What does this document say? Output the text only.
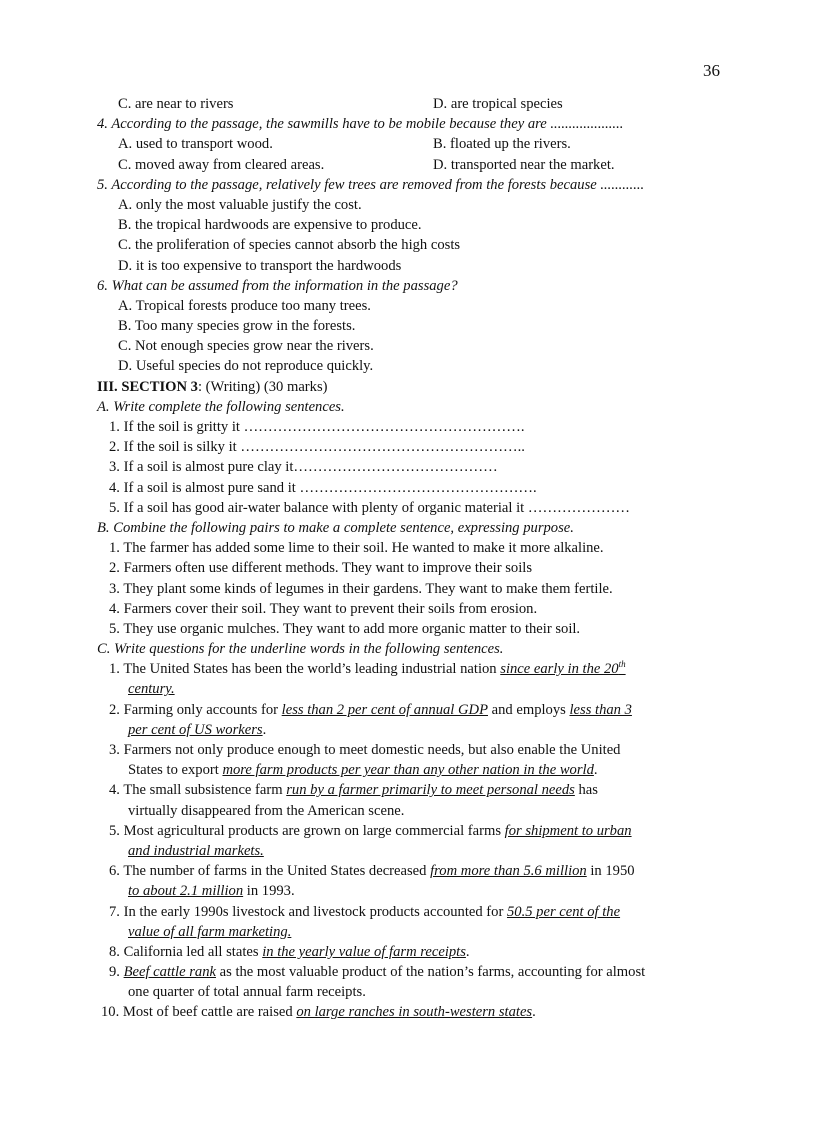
36
C. are near to rivers	D. are tropical species
4. According to the passage, the sawmills have to be mobile because they are ....................
A. used to transport wood.	B. floated up the rivers.
C. moved away from cleared areas.	D. transported near the market.
5. According to the passage, relatively few trees are removed from the forests because ............
A. only the most valuable justify the cost.
B. the tropical hardwoods are expensive to produce.
C. the proliferation of species cannot absorb the high costs
D. it is too expensive to transport the hardwoods
6. What can be assumed from the information in the passage?
A. Tropical forests produce too many trees.
B. Too many species grow in the forests.
C. Not enough species grow near the rivers.
D. Useful species do not reproduce quickly.
III. SECTION 3: (Writing) (30 marks)
A. Write complete the following sentences.
1. If the soil is gritty it ………………………………………………….
2. If the soil is silky it …………………………………………………..
3. If a soil is almost pure clay it……………………………………
4. If a soil is almost pure sand it ………………………………………….
5. If a soil has good air-water balance with plenty of organic material it …………………
B. Combine the following pairs to make a complete sentence, expressing purpose.
1. The farmer has added some lime to their soil. He wanted to make it more alkaline.
2. Farmers often use different methods. They want to improve their soils
3. They plant some kinds of legumes in their gardens. They want to make them fertile.
4. Farmers cover their soil. They want to prevent their soils from erosion.
5. They use organic mulches. They want to add more organic matter to their soil.
C. Write questions for the underline words in the following sentences.
1. The United States has been the world’s leading industrial nation since early in the 20th
century.
2. Farming only accounts for less than 2 per cent of annual GDP and employs less than 3
per cent of US workers.
3. Farmers not only produce enough to meet domestic needs, but also enable the United
States to export more farm products per year than any other nation in the world.
4. The small subsistence farm run by a farmer primarily to meet personal needs has
virtually disappeared from the American scene.
5. Most agricultural products are grown on large commercial farms for shipment to urban
and industrial markets.
6. The number of farms in the United States decreased from more than 5.6 million in 1950
to about 2.1 million in 1993.
7. In the early 1990s livestock and livestock products accounted for 50.5 per cent of the
value of all farm marketing.
8. California led all states in the yearly value of farm receipts.
9. Beef cattle rank as the most valuable product of the nation’s farms, accounting for almost
one quarter of total annual farm receipts.
10. Most of beef cattle are raised on large ranches in south-western states.
